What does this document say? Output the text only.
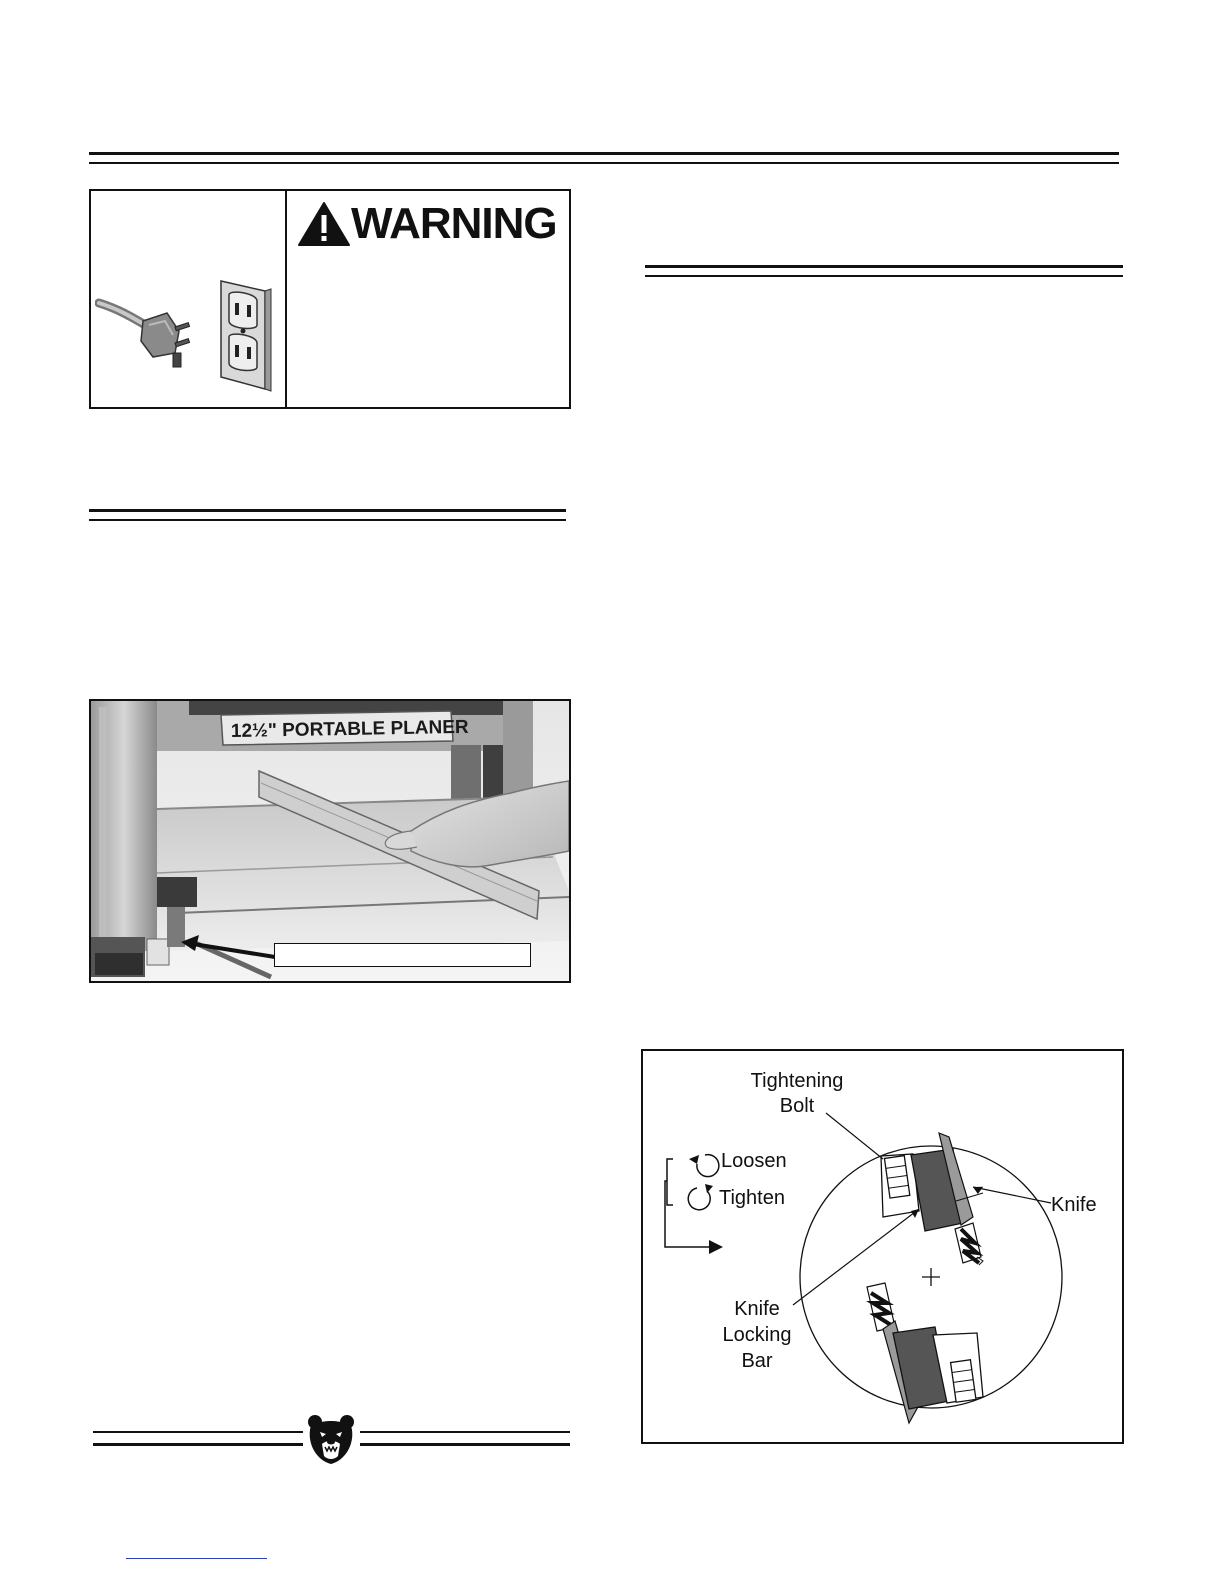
WARNING
12½" PORTABLE PLANER
Tightening
Bolt
Loosen
Tighten	Knife
Knife
Locking
Bar
